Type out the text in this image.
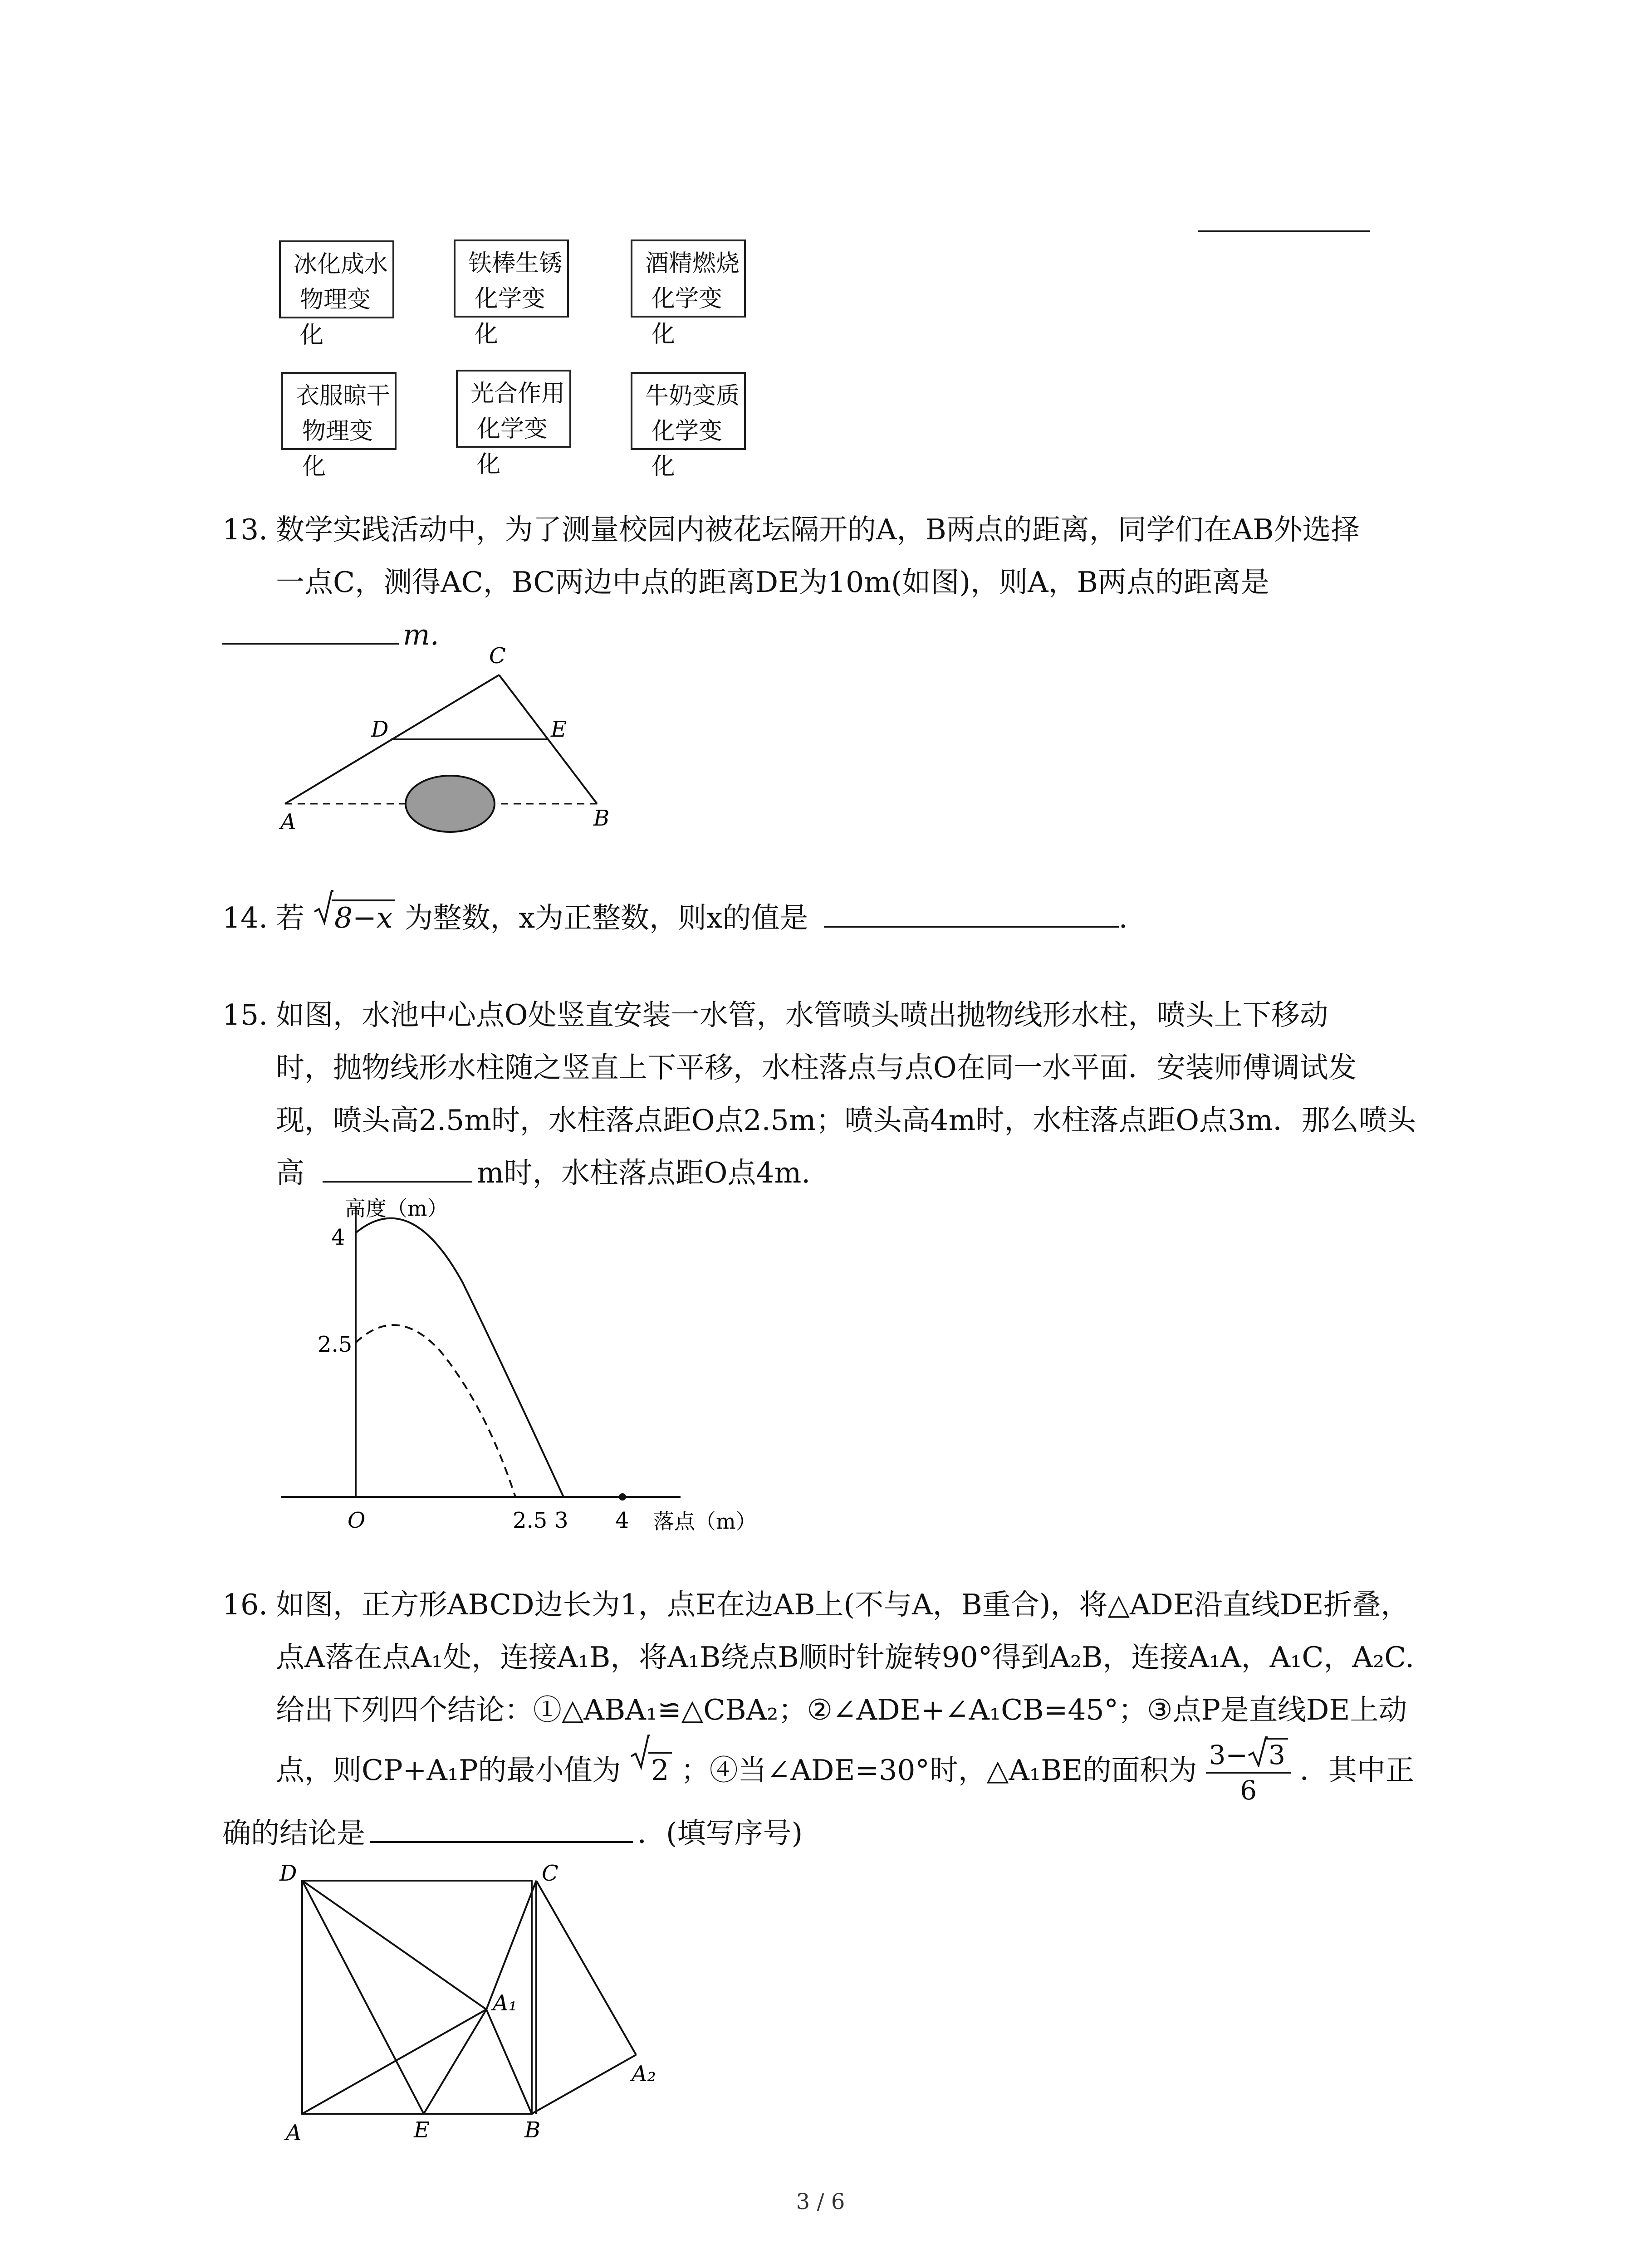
冰化成水
物理变化
铁棒生锈
化学变化
酒精燃烧
化学变化
衣服晾干
物理变化
光合作用
化学变化
牛奶变质
化学变化
13. 数学实践活动中，为了测量校园内被花坛隔开的A，B两点的距离，同学们在AB外选择
一点C，测得AC，BC两边中点的距离DE为10m(如图)，则A，B两点的距离是
m.
C
D	E
A	B
14. 若 8−x 为整数，x为正整数，则x的值是	.
15. 如图，水池中心点O处竖直安装一水管，水管喷头喷出抛物线形水柱，喷头上下移动
时，抛物线形水柱随之竖直上下平移，水柱落点与点O在同一水平面．安装师傅调试发
现，喷头高2.5m时，水柱落点距O点2.5m；喷头高4m时，水柱落点距O点3m．那么喷头
高	m时，水柱落点距O点4m.
高度（m）
4
2.5
O	2.5 3 4 落点（m）
16. 如图，正方形ABCD边长为1，点E在边AB上(不与A，B重合)，将△ADE沿直线DE折叠，
点A落在点A₁处，连接A₁B，将A₁B绕点B顺时针旋转90°得到A₂B，连接A₁A，A₁C，A₂C.
给出下列四个结论：①△ABA₁≌△CBA₂；②∠ADE+∠A₁CB=45°；③点P是直线DE上动
点，则CP+A₁P的最小值为 2 ；④当∠ADE=30°时，△A₁BE的面积为 $\frac{3- 3}{6}$ ．其中正
确的结论是	．(填写序号)
D	C
A₁
A₂
A	E	B
3 / 6
